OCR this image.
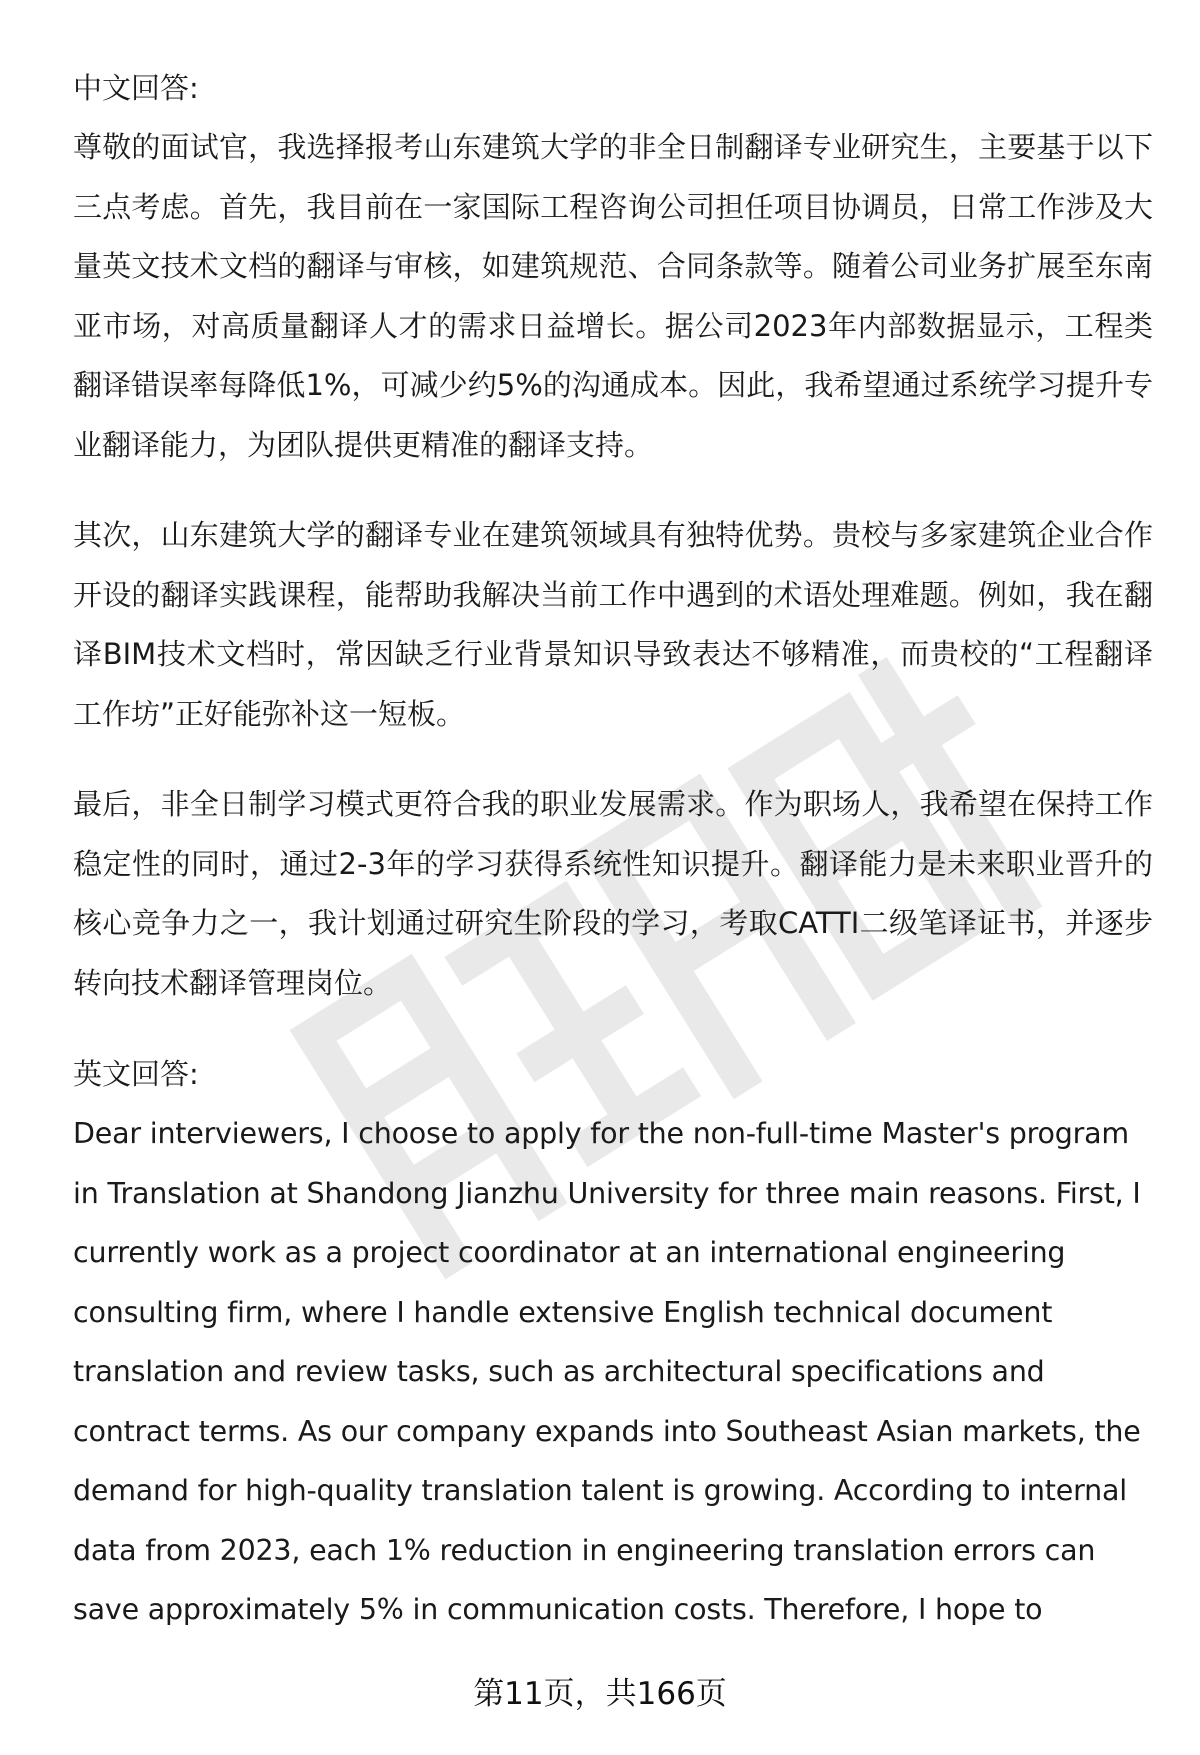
中文回答:

尊敬的面试官，我选择报考山东建筑大学的非全日制翻译专业研究生，主要基于以下三点考虑。首先，我目前在一家国际工程咨询公司担任项目协调员，日常工作涉及大量英文技术文档的翻译与审核，如建筑规范、合同条款等。随着公司业务扩展至东南亚市场，对高质量翻译人才的需求日益增长。据公司2023年内部数据显示，工程类翻译错误率每降低1%，可减少约5%的沟通成本。因此，我希望通过系统学习提升专业翻译能力，为团队提供更精准的翻译支持。

其次，山东建筑大学的翻译专业在建筑领域具有独特优势。贵校与多家建筑企业合作开设的翻译实践课程，能帮助我解决当前工作中遇到的术语处理难题。例如，我在翻译BIM技术文档时，常因缺乏行业背景知识导致表达不够精准，而贵校的“工程翻译工作坊”正好能弥补这一短板。

最后，非全日制学习模式更符合我的职业发展需求。作为职场人，我希望在保持工作稳定性的同时，通过2-3年的学习获得系统性知识提升。翻译能力是未来职业晋升的核心竞争力之一，我计划通过研究生阶段的学习，考取CATTI二级笔译证书，并逐步转向技术翻译管理岗位。

英文回答:

Dear interviewers, I choose to apply for the non-full-time Master's program in Translation at Shandong Jianzhu University for three main reasons. First, I currently work as a project coordinator at an international engineering consulting firm, where I handle extensive English technical document translation and review tasks, such as architectural specifications and contract terms. As our company expands into Southeast Asian markets, the demand for high-quality translation talent is growing. According to internal data from 2023, each 1% reduction in engineering translation errors can save approximately 5% in communication costs. Therefore, I hope to

第11页，共166页
